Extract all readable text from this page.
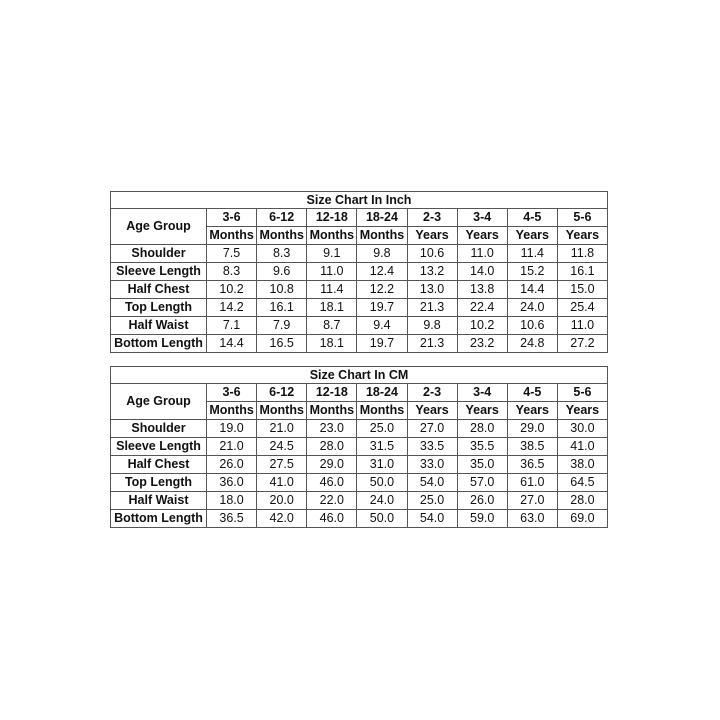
Size Chart In Inch								
Age Group	3-6	6-12	12-18	18-24	2-3	3-4	4-5	5-6
	Months	Months	Months	Months	Years	Years	Years	Years
Shoulder	7.5	8.3	9.1	9.8	10.6	11.0	11.4	11.8
Sleeve Length	8.3	9.6	11.0	12.4	13.2	14.0	15.2	16.1
Half Chest	10.2	10.8	11.4	12.2	13.0	13.8	14.4	15.0
Top Length	14.2	16.1	18.1	19.7	21.3	22.4	24.0	25.4
Half Waist	7.1	7.9	8.7	9.4	9.8	10.2	10.6	11.0
Bottom Length	14.4	16.5	18.1	19.7	21.3	23.2	24.8	27.2
Size Chart In CM								
Age Group	3-6	6-12	12-18	18-24	2-3	3-4	4-5	5-6
	Months	Months	Months	Months	Years	Years	Years	Years
Shoulder	19.0	21.0	23.0	25.0	27.0	28.0	29.0	30.0
Sleeve Length	21.0	24.5	28.0	31.5	33.5	35.5	38.5	41.0
Half Chest	26.0	27.5	29.0	31.0	33.0	35.0	36.5	38.0
Top Length	36.0	41.0	46.0	50.0	54.0	57.0	61.0	64.5
Half Waist	18.0	20.0	22.0	24.0	25.0	26.0	27.0	28.0
Bottom Length	36.5	42.0	46.0	50.0	54.0	59.0	63.0	69.0
